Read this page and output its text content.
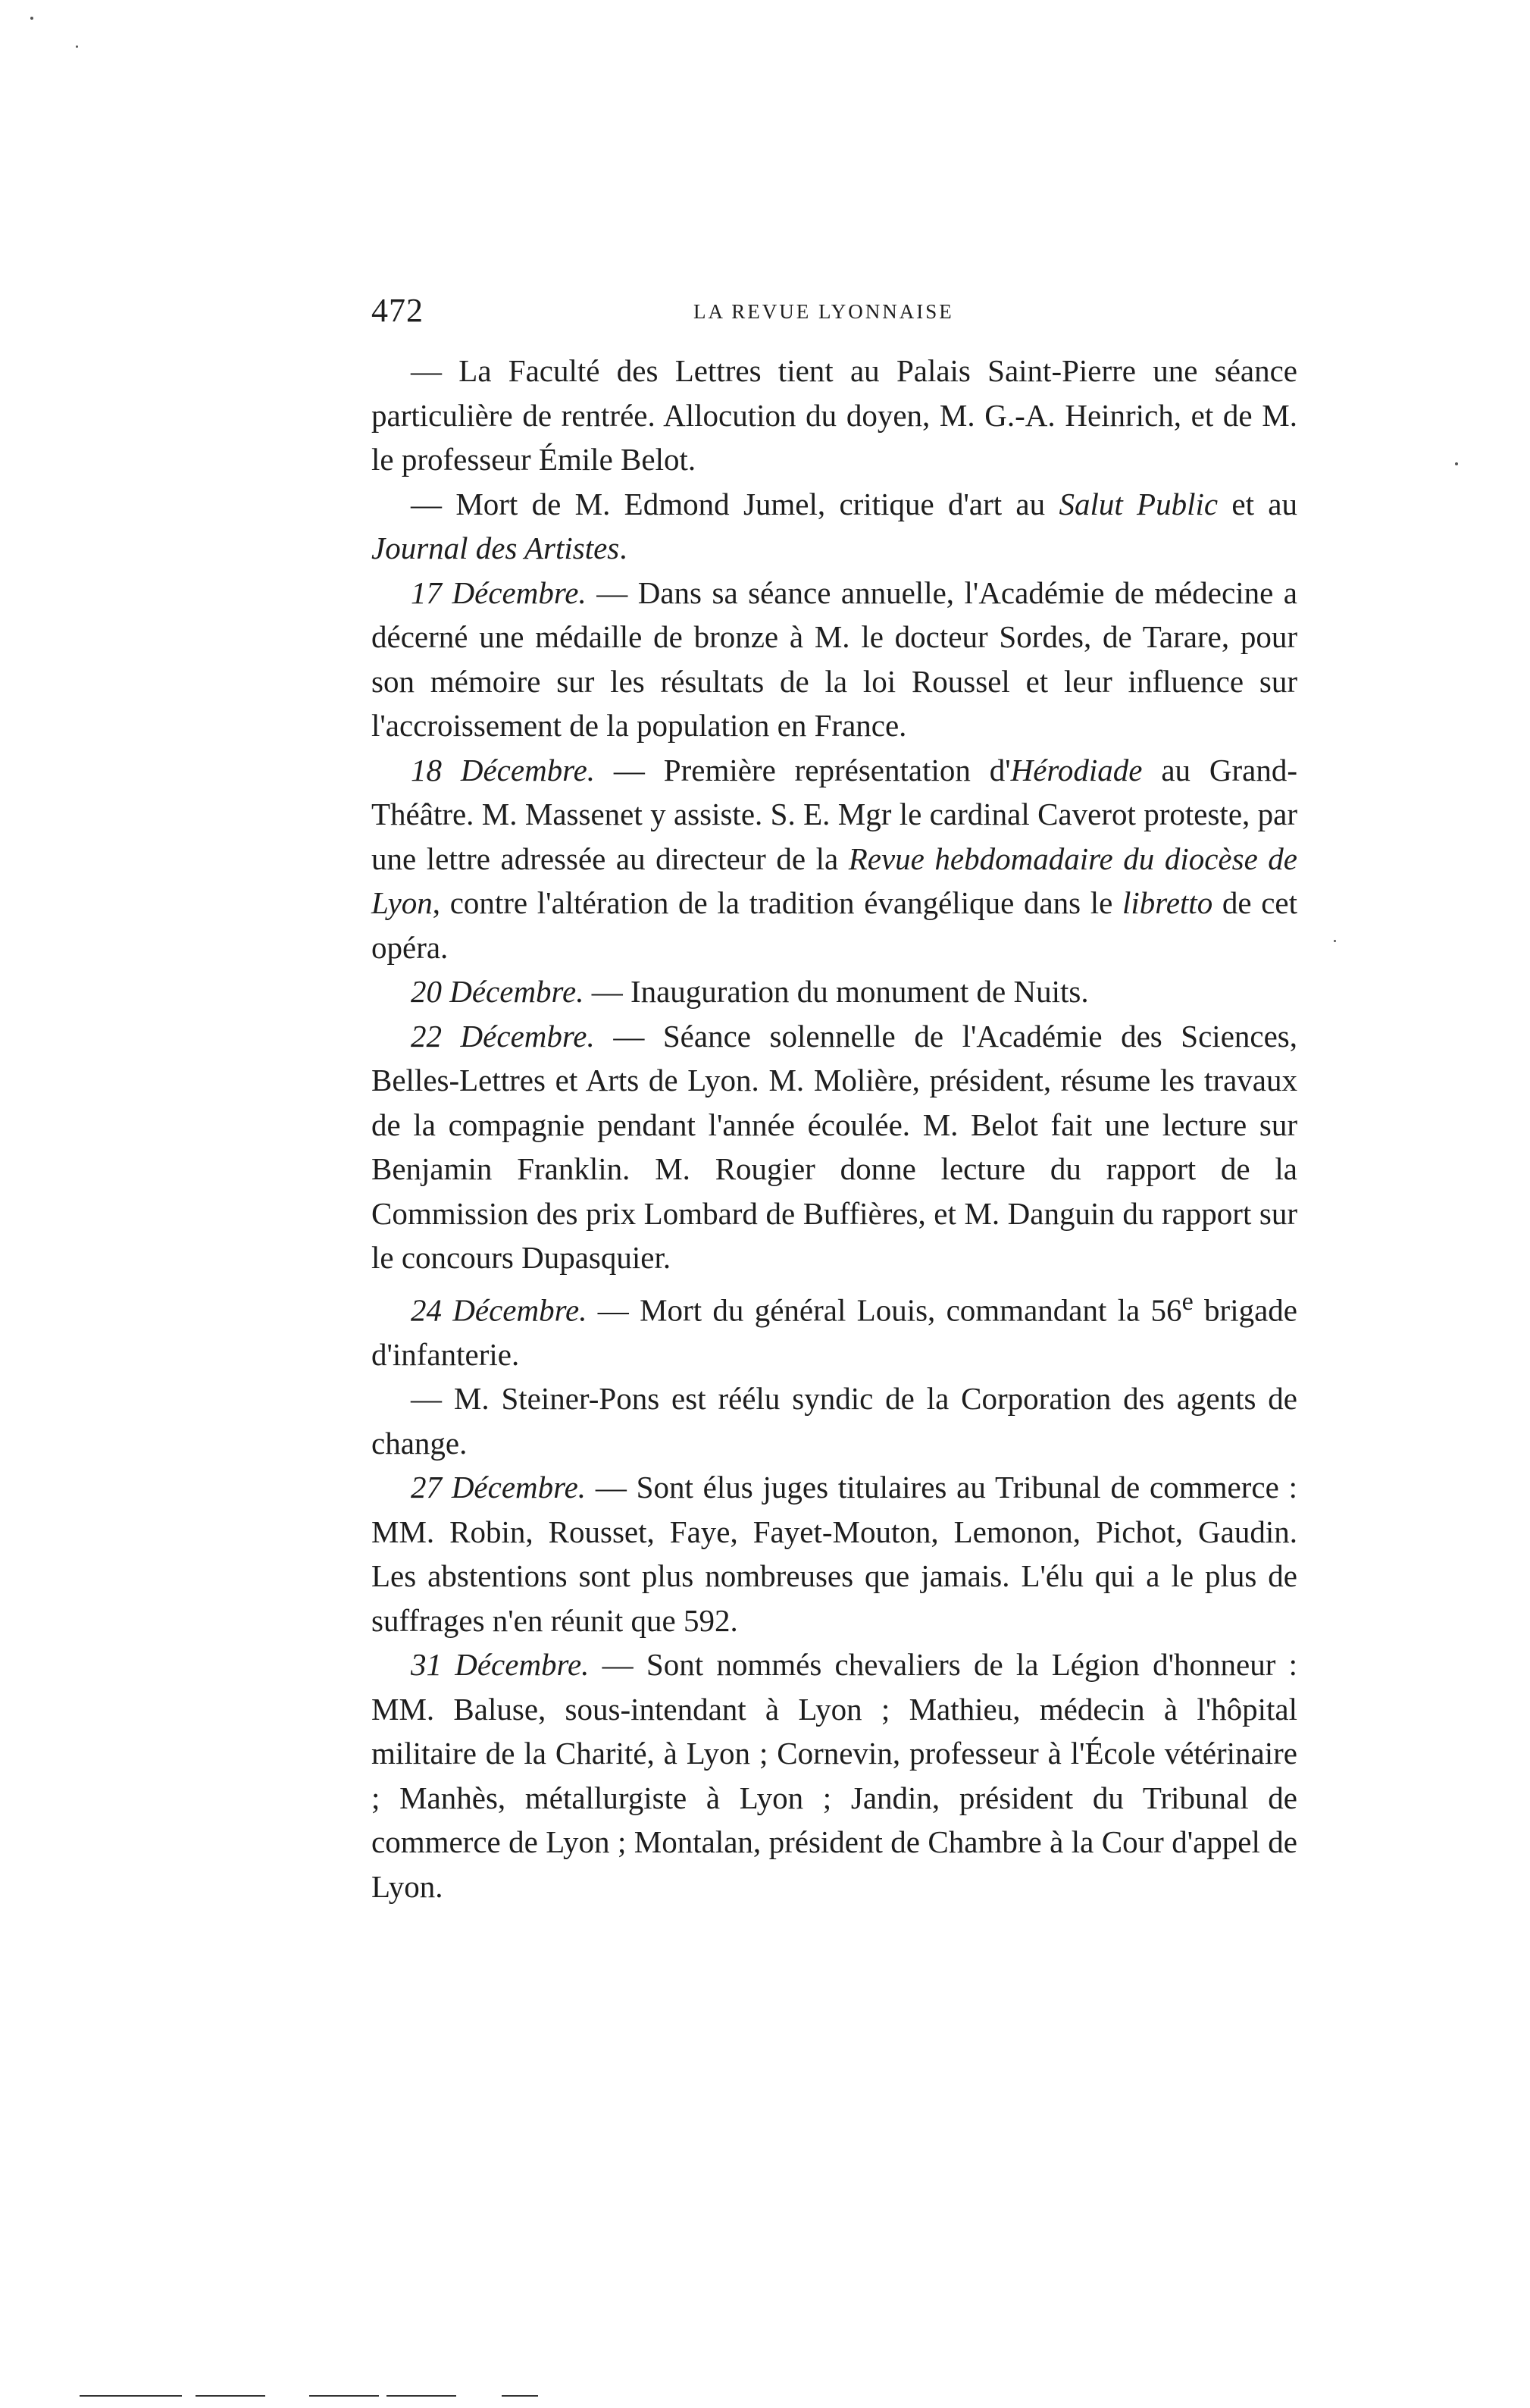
472	LA REVUE LYONNAISE

— La Faculté des Lettres tient au Palais Saint-Pierre une séance particulière de rentrée. Allocution du doyen, M. G.-A. Heinrich, et de M. le professeur Émile Belot.

— Mort de M. Edmond Jumel, critique d'art au Salut Public et au Journal des Artistes.

17 Décembre. — Dans sa séance annuelle, l'Académie de médecine a décerné une médaille de bronze à M. le docteur Sordes, de Tarare, pour son mémoire sur les résultats de la loi Roussel et leur influence sur l'accroissement de la population en France.

18 Décembre. — Première représentation d'Hérodiade au Grand-Théâtre. M. Massenet y assiste. S. E. Mgr le cardinal Caverot proteste, par une lettre adressée au directeur de la Revue hebdomadaire du diocèse de Lyon, contre l'altération de la tradition évangélique dans le libretto de cet opéra.

20 Décembre. — Inauguration du monument de Nuits.

22 Décembre. — Séance solennelle de l'Académie des Sciences, Belles-Lettres et Arts de Lyon. M. Molière, président, résume les travaux de la compagnie pendant l'année écoulée. M. Belot fait une lecture sur Benjamin Franklin. M. Rougier donne lecture du rapport de la Commission des prix Lombard de Buffières, et M. Danguin du rapport sur le concours Dupasquier.

24 Décembre. — Mort du général Louis, commandant la 56e brigade d'infanterie.

— M. Steiner-Pons est réélu syndic de la Corporation des agents de change.

27 Décembre. — Sont élus juges titulaires au Tribunal de commerce : MM. Robin, Rousset, Faye, Fayet-Mouton, Lemonon, Pichot, Gaudin. Les abstentions sont plus nombreuses que jamais. L'élu qui a le plus de suffrages n'en réunit que 592.

31 Décembre. — Sont nommés chevaliers de la Légion d'honneur : MM. Baluse, sous-intendant à Lyon ; Mathieu, médecin à l'hôpital militaire de la Charité, à Lyon ; Cornevin, professeur à l'École vétérinaire ; Manhès, métallurgiste à Lyon ; Jandin, président du Tribunal de commerce de Lyon ; Montalan, président de Chambre à la Cour d'appel de Lyon.
